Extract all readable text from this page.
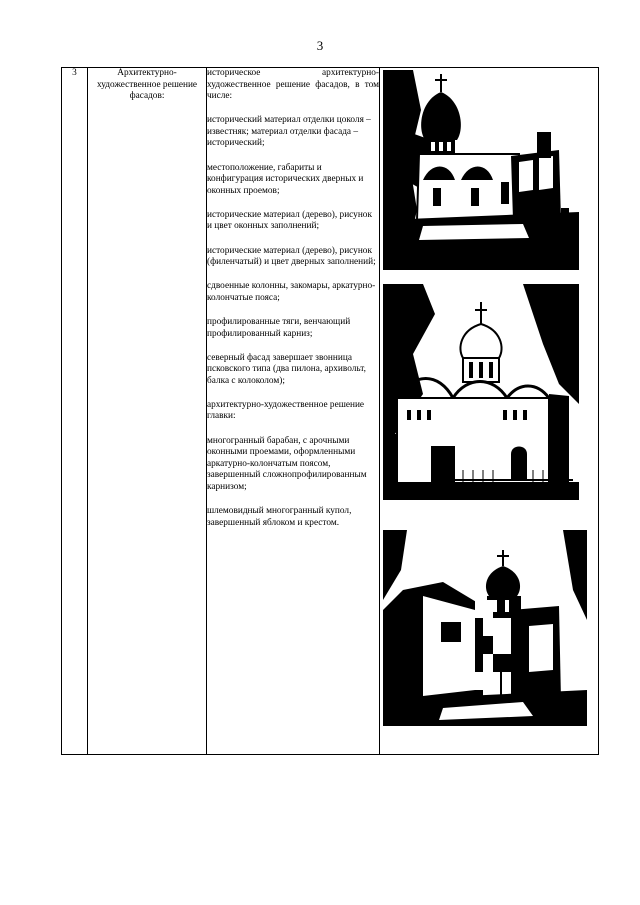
3
3	Архитектурно-художественное решение фасадов:	

историческое архитектурно-художественное решение фасадов, в том числе:

исторический материал отделки цоколя – известняк; материал отделки фасада – исторический;

местоположение, габариты и конфигурация исторических дверных и оконных проемов;

исторические материал (дерево), рисунок и цвет оконных заполнений;

исторические материал (дерево), рисунок (филенчатый) и цвет дверных заполнений;

сдвоенные колонны, закомары, аркатурно-колончатые пояса;

профилированные тяги, венчающий профилированный карниз;

северный фасад завершает звонница псковского типа (два пилона, архивольт, балка с колоколом);

архитектурно-художественное решение главки:

многогранный барабан, с арочными оконными проемами, оформленными аркатурно-колончатым поясом, завершенный сложнопрофилированным карнизом;

шлемовидный многогранный купол, завершенный яблоком и крестом.
